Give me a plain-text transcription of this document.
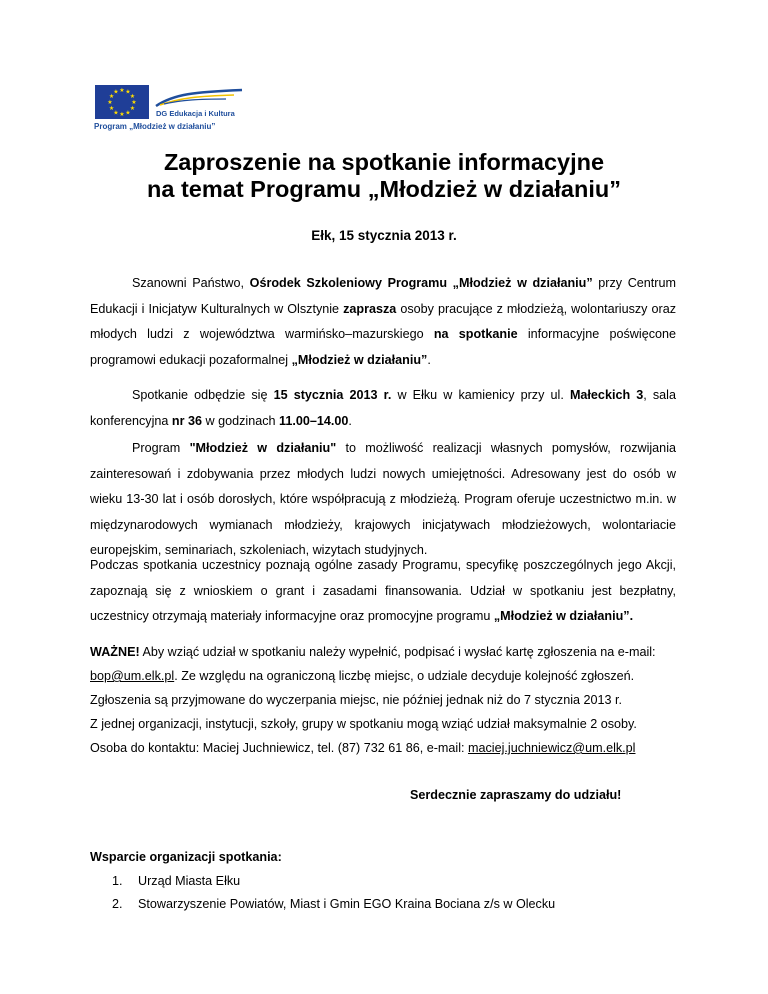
★ ★
★
★
★
★
★
★
★
★
★
★
DG Edukacja i Kultura
Program „Młodzież w działaniu”
Zaproszenie na spotkanie informacyjne
na temat Programu „Młodzież w działaniu”
Ełk, 15 stycznia 2013 r.
Szanowni Państwo, Ośrodek Szkoleniowy Programu „Młodzież w działaniu” przy Centrum Edukacji i Inicjatyw Kulturalnych w Olsztynie zaprasza osoby pracujące z młodzieżą, wolontariuszy oraz młodych ludzi z województwa warmińsko–mazurskiego na spotkanie informacyjne poświęcone programowi edukacji pozaformalnej „Młodzież w działaniu”.
Spotkanie odbędzie się 15 stycznia 2013 r. w Ełku w kamienicy przy ul. Małeckich 3, sala konferencyjna nr 36 w godzinach 11.00–14.00.
Program "Młodzież w działaniu" to możliwość realizacji własnych pomysłów, rozwijania zainteresowań i zdobywania przez młodych ludzi nowych umiejętności. Adresowany jest do osób w wieku 13-30 lat i osób dorosłych, które współpracują z młodzieżą. Program oferuje uczestnictwo m.in. w międzynarodowych wymianach młodzieży, krajowych inicjatywach młodzieżowych, wolontariacie europejskim, seminariach, szkoleniach, wizytach studyjnych.
Podczas spotkania uczestnicy poznają ogólne zasady Programu, specyfikę poszczególnych jego Akcji, zapoznają się z wnioskiem o grant i zasadami finansowania. Udział w spotkaniu jest bezpłatny, uczestnicy otrzymają materiały informacyjne oraz promocyjne programu „Młodzież w działaniu”.
WAŻNE! Aby wziąć udział w spotkaniu należy wypełnić, podpisać i wysłać kartę zgłoszenia na e-mail:
bop@um.elk.pl. Ze względu na ograniczoną liczbę miejsc, o udziale decyduje kolejność zgłoszeń.
Zgłoszenia są przyjmowane do wyczerpania miejsc, nie później jednak niż do 7 stycznia 2013 r.
Z jednej organizacji, instytucji, szkoły, grupy w spotkaniu mogą wziąć udział maksymalnie 2 osoby.
Osoba do kontaktu: Maciej Juchniewicz, tel. (87) 732 61 86, e-mail: maciej.juchniewicz@um.elk.pl
Serdecznie zapraszamy do udziału!
Wsparcie organizacji spotkania:
1. Urząd Miasta Ełku
2. Stowarzyszenie Powiatów, Miast i Gmin EGO Kraina Bociana z/s w Olecku
